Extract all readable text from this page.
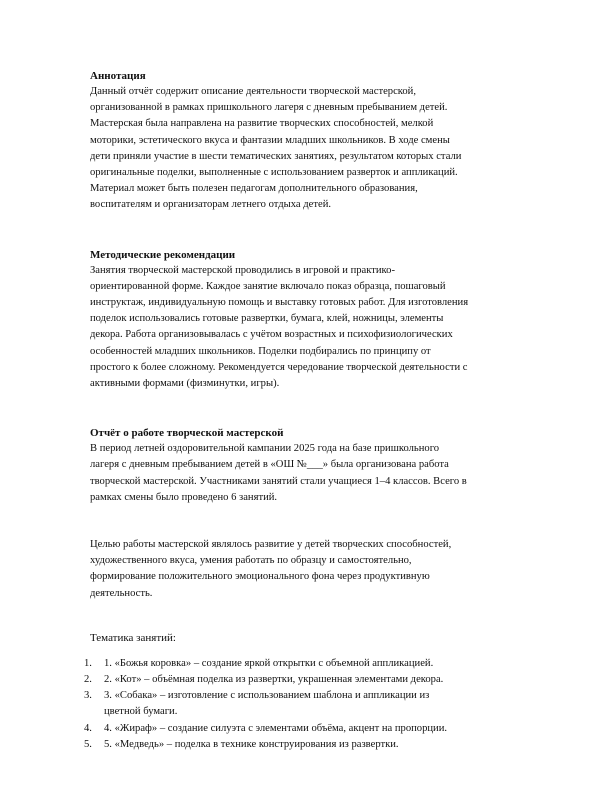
Аннотация

Данный отчёт содержит описание деятельности творческой мастерской,
организованной в рамках пришкольного лагеря с дневным пребыванием детей.
Мастерская была направлена на развитие творческих способностей, мелкой
моторики, эстетического вкуса и фантазии младших школьников. В ходе смены
дети приняли участие в шести тематических занятиях, результатом которых стали
оригинальные поделки, выполненные с использованием разверток и аппликаций.
Материал может быть полезен педагогам дополнительного образования,
воспитателям и организаторам летнего отдыха детей.

Методические рекомендации

Занятия творческой мастерской проводились в игровой и практико-
ориентированной форме. Каждое занятие включало показ образца, пошаговый
инструктаж, индивидуальную помощь и выставку готовых работ. Для изготовления
поделок использовались готовые развертки, бумага, клей, ножницы, элементы
декора. Работа организовывалась с учётом возрастных и психофизиологических
особенностей младших школьников. Поделки подбирались по принципу от
простого к более сложному. Рекомендуется чередование творческой деятельности с
активными формами (физминутки, игры).

Отчёт о работе творческой мастерской

В период летней оздоровительной кампании 2025 года на базе пришкольного
лагеря с дневным пребыванием детей в «ОШ №___» была организована работа
творческой мастерской. Участниками занятий стали учащиеся 1–4 классов. Всего в
рамках смены было проведено 6 занятий.

Целью работы мастерской являлось развитие у детей творческих способностей,
художественного вкуса, умения работать по образцу и самостоятельно,
формирование положительного эмоционального фона через продуктивную
деятельность.

Тематика занятий:

1.	1. «Божья коровка» – создание яркой открытки с объемной аппликацией.
2.	2. «Кот» – объёмная поделка из развертки, украшенная элементами декора.
3.	3. «Собака» – изготовление с использованием шаблона и аппликации из
цветной бумаги.
4.	4. «Жираф» – создание силуэта с элементами объёма, акцент на пропорции.
5.	5. «Медведь» – поделка в технике конструирования из развертки.
